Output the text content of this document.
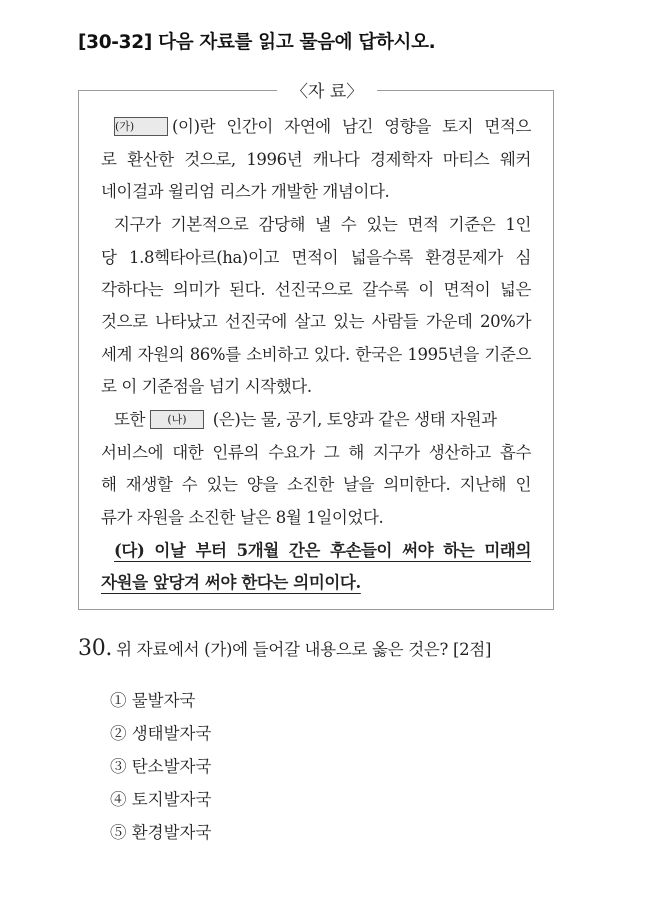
[30-32] 다음 자료를 읽고 물음에 답하시오.
〈자 료〉
(가) (이)란 인간이 자연에 남긴 영향을 토지 면적으
로 환산한 것으로, 1996년 캐나다 경제학자 마티스 웨커
네이걸과 윌리엄 리스가 개발한 개념이다.
지구가 기본적으로 감당해 낼 수 있는 면적 기준은 1인
당 1.8헥타아르(ha)이고 면적이 넓을수록 환경문제가 심
각하다는 의미가 된다. 선진국으로 갈수록 이 면적이 넓은
것으로 나타났고 선진국에 살고 있는 사람들 가운데 20%가
세계 자원의 86%를 소비하고 있다. 한국은 1995년을 기준으
로 이 기준점을 넘기 시작했다.
또한 (나) (은)는 물, 공기, 토양과 같은 생태 자원과
서비스에 대한 인류의 수요가 그 해 지구가 생산하고 흡수
해 재생할 수 있는 양을 소진한 날을 의미한다. 지난해 인
류가 자원을 소진한 날은 8월 1일이었다.
(다) 이날 부터 5개월 간은 후손들이 써야 하는 미래의
자원을 앞당겨 써야 한다는 의미이다.
30. 위 자료에서 (가)에 들어갈 내용으로 옳은 것은? [2점]
① 물발자국
② 생태발자국
③ 탄소발자국
④ 토지발자국
⑤ 환경발자국
